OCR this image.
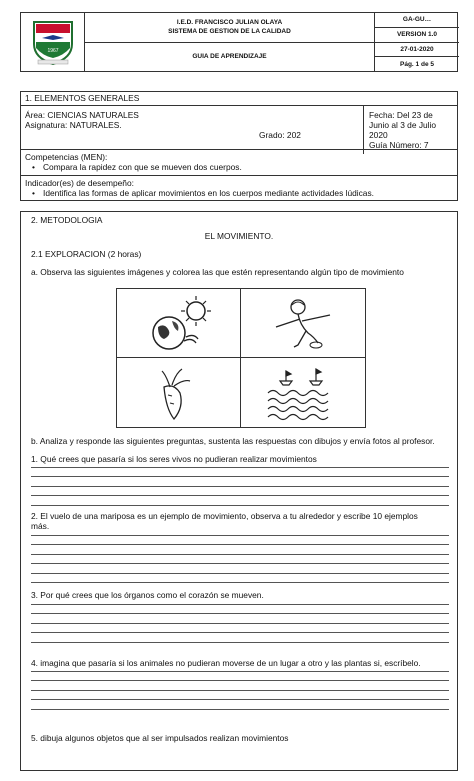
1967
I.E.D. FRANCISCO JULIAN OLAYA
SISTEMA DE GESTION DE LA CALIDAD
GUIA DE APRENDIZAJE
GA-GU…
VERSION 1.0
27-01-2020
Pág. 1 de 5
1. ELEMENTOS GENERALES
Área: CIENCIAS NATURALES
Asignatura: NATURALES.
Grado: 202
Fecha: Del 23 de
Junio al 3 de Julio
2020
Guía Número: 7
Competencias (MEN):
• Compara la rapidez con que se mueven dos cuerpos.
Indicador(es) de desempeño:
• Identifica las formas de aplicar movimientos en los cuerpos mediante actividades lúdicas.
2. METODOLOGIA
EL MOVIMIENTO.
2.1 EXPLORACION (2 horas)
a. Observa las siguientes imágenes y colorea las que estén representando algún tipo de movimiento
b. Analiza y responde las siguientes preguntas, sustenta las respuestas con dibujos y envía fotos al profesor.
1. Qué crees que pasaría si los seres vivos no pudieran realizar movimientos
2. El vuelo de una mariposa es un ejemplo de movimiento, observa a tu alrededor y escribe 10 ejemplos
más.
3. Por qué crees que los órganos como el corazón se mueven.
4. imagina que pasaría si los animales no pudieran moverse de un lugar a otro y las plantas si, escríbelo.
5. dibuja algunos objetos que al ser impulsados realizan movimientos
